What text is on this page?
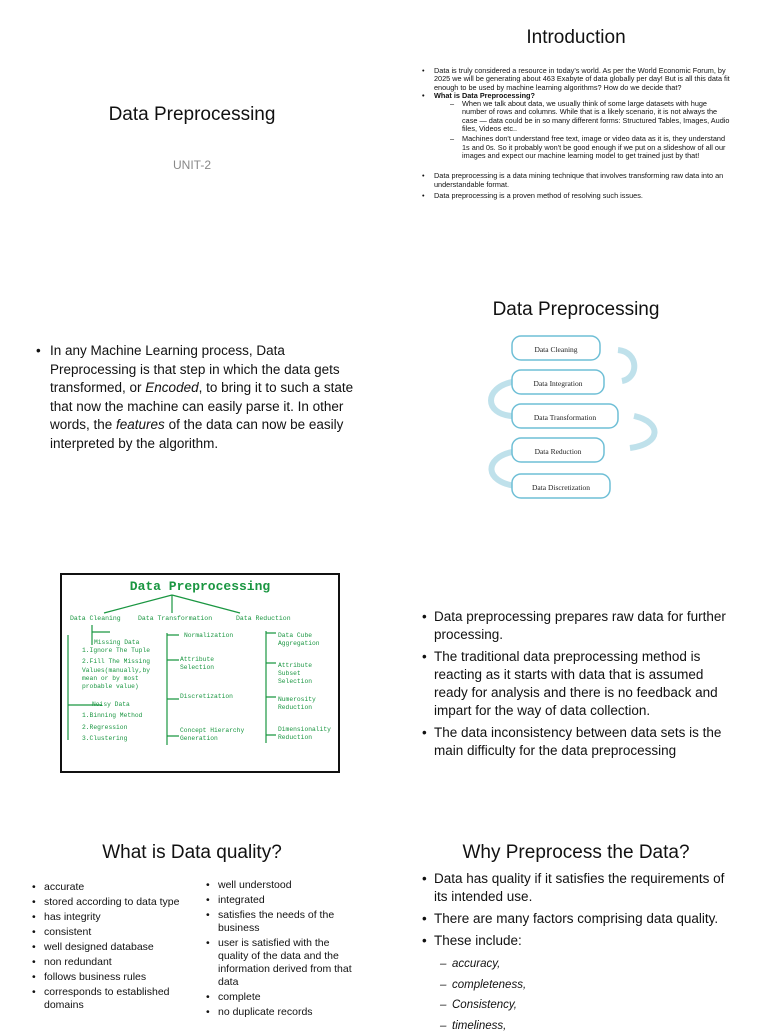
Data Preprocessing
UNIT-2
Introduction
• Data is truly considered a resource in today's world. As per the World Economic Forum, by 2025 we will be generating about 463 Exabyte of data globally per day! But is all this data fit enough to be used by machine learning algorithms? How do we decide that?
• What is Data Preprocessing?
– When we talk about data, we usually think of some large datasets with huge number of rows and columns. While that is a likely scenario, it is not always the case — data could be in so many different forms: Structured Tables, Images, Audio files, Videos etc..
– Machines don't understand free text, image or video data as it is, they understand 1s and 0s. So it probably won't be good enough if we put on a slideshow of all our images and expect our machine learning model to get trained just by that!
• Data preprocessing is a data mining technique that involves transforming raw data into an understandable format.
• Data preprocessing is a proven method of resolving such issues.
• In any Machine Learning process, Data Preprocessing is that step in which the data gets transformed, or Encoded, to bring it to such a state that now the machine can easily parse it. In other words, the features of the data can now be easily interpreted by the algorithm.
Data Preprocessing
Data Cleaning
Data Integration
Data Transformation
Data Reduction
Data Discretization
Data Preprocessing
Data Cleaning	Data Transformation	Data Reduction
Missing Data
1.Ignore The Tuple
2.Fill The Missing
Values(manually,by
mean or by most
probable value)
Noisy Data
1.Binning Method
2.Regression
3.Clustering
Normalization
Attribute
Selection
Discretization
Concept Hierarchy
Generation
Data Cube
Aggregation
Attribute
Subset
Selection
Numerosity
Reduction
Dimensionality
Reduction
• Data preprocessing prepares raw data for further processing.
• The traditional data preprocessing method is reacting as it starts with data that is assumed ready for analysis and there is no feedback and impart for the way of data collection.
• The data inconsistency between data sets is the main difficulty for the data preprocessing
What is Data quality?
• accurate
• stored according to data type
• has integrity
• consistent
• well designed database
• non redundant
• follows business rules
• corresponds to established domains
• well understood
• integrated
• satisfies the needs of the business
• user is satisfied with the quality of the data and the information derived from that data
• complete
• no duplicate records
Why Preprocess the Data?
• Data has quality if it satisfies the requirements of its intended use.
• There are many factors comprising data quality.
• These include:
– accuracy,
– completeness,
– Consistency,
– timeliness,
